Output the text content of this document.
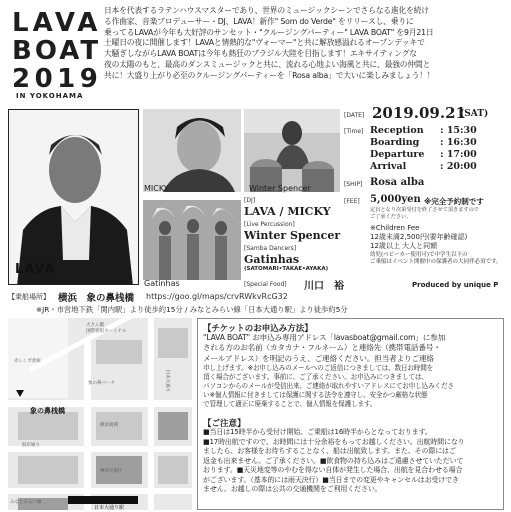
LAVA
BOAT
2019
IN YOKOHAMA
日本を代表するラテンハウスマスターであり、世界のミュージックシーンでさらなる進化を続け
る作曲家、音楽プロデューサー・DJ、LAVA！新作" Som do Verde" をリリースし、乗りに
乗ってるLAVAが今年も大好評のサンセット・"クルージングパーティー" LAVA BOAT" を9月21日
土曜日の夜に開催します！LAVAと情熱的な"ヴォーマー"と共に解放感溢れるオープンデッキで
大騒ぎしながらLAVA BOATは今年も熱狂のブラジル大陸を目指します！エキサイティングな
夜の太陽のもと、最高のダンスミュージックと共に、流れる心地よい海風と共に、最強の仲間と
共に！大盛り上がり必至のクルージングパーティーを「Rosa alba」で大いに楽しみましょう！！
LAVA
MICKY	Winter Spencer
Gatinhas
[DATE] 2019.09.21
(SAT)
[Time] Reception : 15:30
Boarding : 16:30
Departure : 17:00
Arrival	: 20:00
[SHIP] Rosa alba
[FEE] 5,000yen ※完全予約制です
定員となり次第受付を終了させて頂きますので
ご了承ください。
※Children Fee
12歳未満2,500円(要年齢確認)
12歳以上 大人と同額
幼児(ベビーカー使用可)で中学生以下の
ご乗船はイベント開催中の保護者の大同伴必須です。
[DJ]
LAVA / MICKY
[Live Percussion]
Winter Spencer
[Samba Dancers]
Gatinhas
(SATOMARI•TAKAE•AYAKA)
[Special Food] 川口　裕	Produced by unique P
【乗船場所】 横浜　象の鼻桟橋 https://goo.gl/maps/crvRWkvRcG32
※JR・市営地下鉄「関内駅」より徒歩約15分 / みなとみらい線「日本大通り駅」より徒歩約5分
大さん橋
国際客船ターミナル
象の鼻パーク
横浜税関
神奈川県庁
みなとみらい線
日本大通り
海岸通り
赤レンガ倉庫
象の鼻桟橋
日本大通り駅
【チケットのお申込み方法】
"LAVA BOAT" お申込み専用アドレス「lavasboat@gmail.com」に参加
される方のお名前（カタカナ・フルネーム）と連絡先（携帯電話番号・
メールアドレス）を明記のうえ、ご連絡ください。担当者よりご連絡
申し上げます。※お申し込みのメールへのご返信につきましては、数日お時間を
頂く場合がございます。事前に、ご了承ください。お申込みにつきましては、
パソコンからのメールが受信出来、ご連絡が取れやすいアドレスにてお申し込みくださ
い※個人情報に付きましては保護に関する法令を遵守し、安全かつ厳格な状態
で管理して適正に廃棄することで、個人情報を保護します。
【ご注意】
■当日は15時半から受付け開始、ご乗船は16時半からとなっております。
■17時出航ですので、お時間には十分余裕をもってお越しください。出航時間になり
ましたら、お客様をお待ちすることなく、船は出航致します。また、その際にはご
返金も出来ません。ご了承ください。■飲食物の持ち込みはご遠慮させていただいて
おります。■天災地変等のやむを得ない自体が発生した場合、出航を見合わせる場合
がございます。（基本的には雨天決行）■当日までの変更やキャンセルはお受けでき
ません。お越しの際は公共の交通機関をご利用ください。
